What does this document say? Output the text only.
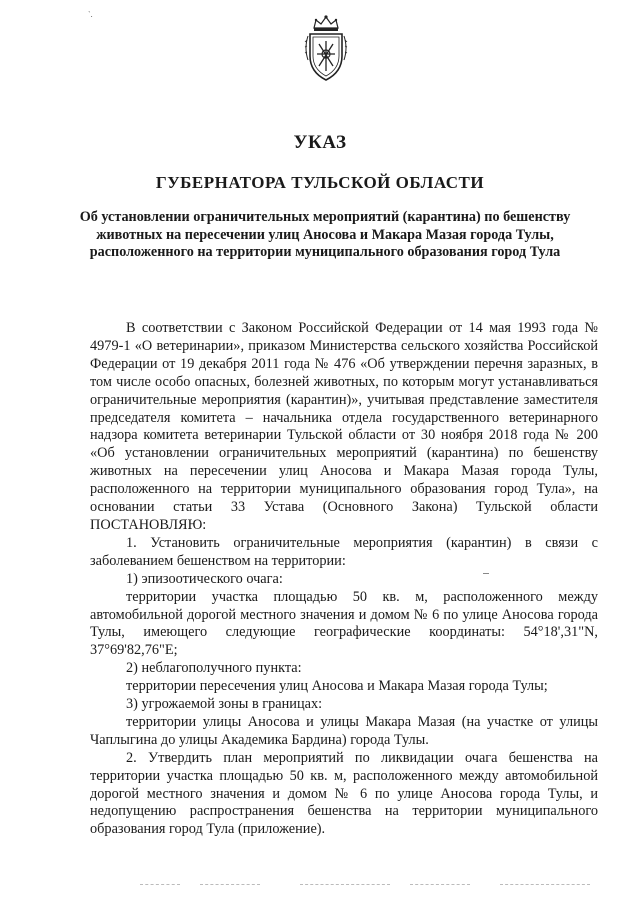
`.
УКАЗ
ГУБЕРНАТОРА ТУЛЬСКОЙ ОБЛАСТИ
Об установлении ограничительных мероприятий (карантина) по бешенству животных на пересечении улиц Аносова и Макара Мазая города Тулы, расположенного на территории муниципального образования город Тула

В соответствии с Законом Российской Федерации от 14 мая 1993 года № 4979-1 «О ветеринарии», приказом Министерства сельского хозяйства Российской Федерации от 19 декабря 2011 года № 476 «Об утверждении перечня заразных, в том числе особо опасных, болезней животных, по которым могут устанавливаться ограничительные мероприятия (карантин)», учитывая представление заместителя председателя комитета – начальника отдела государственного ветеринарного надзора комитета ветеринарии Тульской области от 30 ноября 2018 года № 200 «Об установлении ограничительных мероприятий (карантина) по бешенству животных на пересечении улиц Аносова и Макара Мазая города Тулы, расположенного на территории муниципального образования город Тула», на основании статьи 33 Устава (Основного Закона) Тульской области ПОСТАНОВЛЯЮ:

1. Установить ограничительные мероприятия (карантин) в связи с заболеванием бешенством на территории:

1) эпизоотического очага:

территории участка площадью 50 кв. м, расположенного между автомобильной дорогой местного значения и домом № 6 по улице Аносова города Тулы, имеющего следующие географические координаты: 54°18',31"N, 37°69'82,76"E;

2) неблагополучного пункта:

территории пересечения улиц Аносова и Макара Мазая города Тулы;

3) угрожаемой зоны в границах:

территории улицы Аносова и улицы Макара Мазая (на участке от улицы Чаплыгина до улицы Академика Бардина) города Тулы.

2. Утвердить план мероприятий по ликвидации очага бешенства на территории участка площадью 50 кв. м, расположенного между автомобильной дорогой местного значения и домом № 6 по улице Аносова города Тулы, и недопущению распространения бешенства на территории муниципального образования город Тула (приложение).
